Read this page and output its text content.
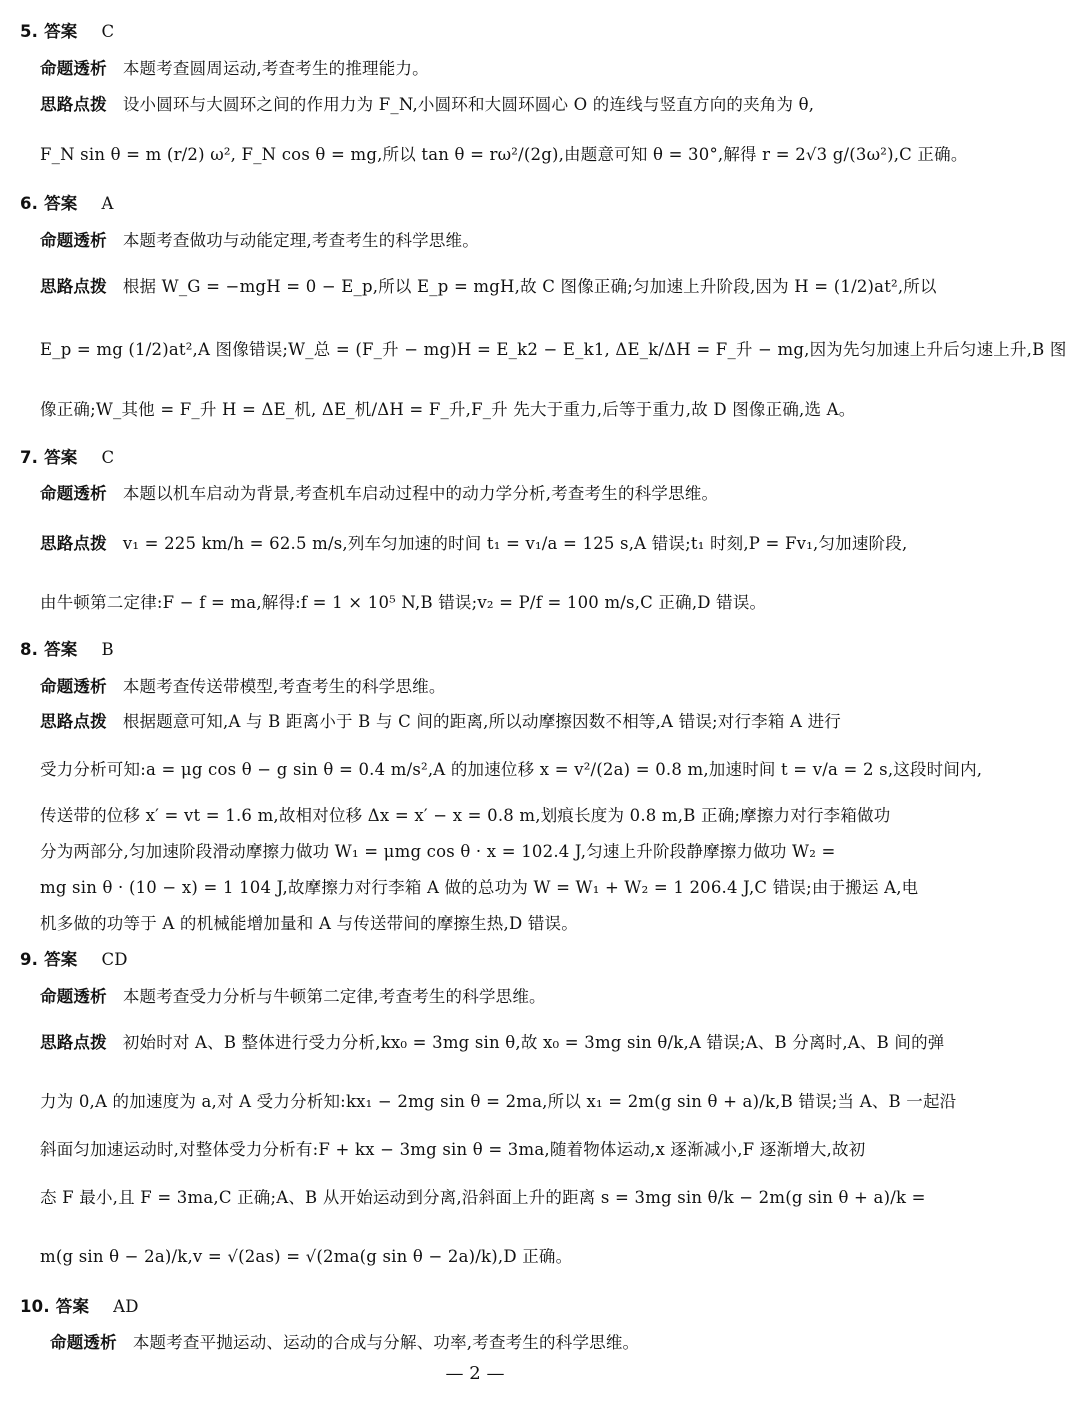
5. 答案 C
命题透析 本题考查圆周运动,考查考生的推理能力。
思路点拨 设小圆环与大圆环之间的作用力为 F_N,小圆环和大圆环圆心 O 的连线与竖直方向的夹角为 θ,
F_N sin θ = m (r/2) ω², F_N cos θ = mg,所以 tan θ = rω²/(2g),由题意可知 θ = 30°,解得 r = 2√3 g/(3ω²),C 正确。
6. 答案 A
命题透析 本题考查做功与动能定理,考查考生的科学思维。
思路点拨 根据 W_G = −mgH = 0 − E_p,所以 E_p = mgH,故 C 图像正确;匀加速上升阶段,因为 H = (1/2)at²,所以
E_p = mg (1/2)at²,A 图像错误;W_总 = (F_升 − mg)H = E_k2 − E_k1, ΔE_k/ΔH = F_升 − mg,因为先匀加速上升后匀速上升,B 图
像正确;W_其他 = F_升 H = ΔE_机, ΔE_机/ΔH = F_升,F_升 先大于重力,后等于重力,故 D 图像正确,选 A。
7. 答案 C
命题透析 本题以机车启动为背景,考查机车启动过程中的动力学分析,考查考生的科学思维。
思路点拨 v₁ = 225 km/h = 62.5 m/s,列车匀加速的时间 t₁ = v₁/a = 125 s,A 错误;t₁ 时刻,P = Fv₁,匀加速阶段,
由牛顿第二定律:F − f = ma,解得:f = 1 × 10⁵ N,B 错误;v₂ = P/f = 100 m/s,C 正确,D 错误。
8. 答案 B
命题透析 本题考查传送带模型,考查考生的科学思维。
思路点拨 根据题意可知,A 与 B 距离小于 B 与 C 间的距离,所以动摩擦因数不相等,A 错误;对行李箱 A 进行
受力分析可知:a = μg cos θ − g sin θ = 0.4 m/s²,A 的加速位移 x = v²/(2a) = 0.8 m,加速时间 t = v/a = 2 s,这段时间内,
传送带的位移 x′ = vt = 1.6 m,故相对位移 Δx = x′ − x = 0.8 m,划痕长度为 0.8 m,B 正确;摩擦力对行李箱做功
分为两部分,匀加速阶段滑动摩擦力做功 W₁ = μmg cos θ · x = 102.4 J,匀速上升阶段静摩擦力做功 W₂ =
mg sin θ · (10 − x) = 1 104 J,故摩擦力对行李箱 A 做的总功为 W = W₁ + W₂ = 1 206.4 J,C 错误;由于搬运 A,电
机多做的功等于 A 的机械能增加量和 A 与传送带间的摩擦生热,D 错误。
9. 答案 CD
命题透析 本题考查受力分析与牛顿第二定律,考查考生的科学思维。
思路点拨 初始时对 A、B 整体进行受力分析,kx₀ = 3mg sin θ,故 x₀ = 3mg sin θ/k,A 错误;A、B 分离时,A、B 间的弹
力为 0,A 的加速度为 a,对 A 受力分析知:kx₁ − 2mg sin θ = 2ma,所以 x₁ = 2m(g sin θ + a)/k,B 错误;当 A、B 一起沿
斜面匀加速运动时,对整体受力分析有:F + kx − 3mg sin θ = 3ma,随着物体运动,x 逐渐减小,F 逐渐增大,故初
态 F 最小,且 F = 3ma,C 正确;A、B 从开始运动到分离,沿斜面上升的距离 s = 3mg sin θ/k − 2m(g sin θ + a)/k =
m(g sin θ − 2a)/k,v = √(2as) = √(2ma(g sin θ − 2a)/k),D 正确。
10. 答案 AD
命题透析 本题考查平抛运动、运动的合成与分解、功率,考查考生的科学思维。
— 2 —
